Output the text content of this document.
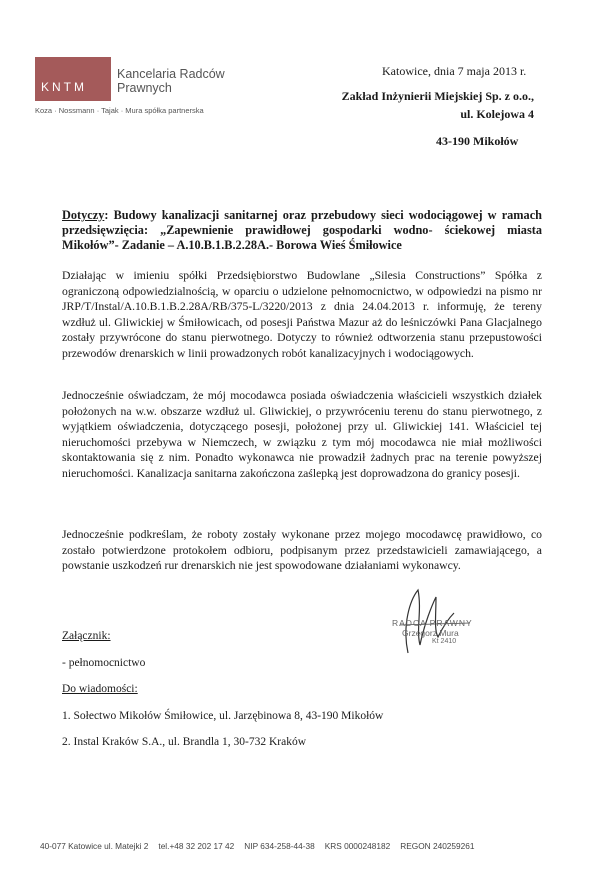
KNTM
Kancelaria Radców Prawnych
Koza · Nossmann · Tajak · Mura spółka partnerska
Katowice, dnia 7 maja 2013 r.
Zakład Inżynierii Miejskiej Sp. z o.o.,
ul. Kolejowa 4
43-190 Mikołów
Dotyczy: Budowy kanalizacji sanitarnej oraz przebudowy sieci wodociągowej w ramach przedsięwzięcia: „Zapewnienie prawidłowej gospodarki wodno- ściekowej miasta Mikołów”- Zadanie – A.10.B.1.B.2.28A.- Borowa Wieś Śmiłowice
Działając w imieniu spółki Przedsiębiorstwo Budowlane „Silesia Constructions” Spółka z ograniczoną odpowiedzialnością, w oparciu o udzielone pełnomocnictwo, w odpowiedzi na pismo nr JRP/T/Instal/A.10.B.1.B.2.28A/RB/375-L/3220/2013 z dnia 24.04.2013 r. informuję, że tereny wzdłuż ul. Gliwickiej w Śmiłowicach, od posesji Państwa Mazur aż do leśniczówki Pana Glacjalnego zostały przywrócone do stanu pierwotnego. Dotyczy to również odtworzenia stanu przepustowości przewodów drenarskich w linii prowadzonych robót kanalizacyjnych i wodociągowych.
Jednocześnie oświadczam, że mój mocodawca posiada oświadczenia właścicieli wszystkich działek położonych na w.w. obszarze wzdłuż ul. Gliwickiej, o przywróceniu terenu do stanu pierwotnego, z wyjątkiem oświadczenia, dotyczącego posesji, położonej przy ul. Gliwickiej 141. Właściciel tej nieruchomości przebywa w Niemczech, w związku z tym mój mocodawca nie miał możliwości skontaktowania się z nim. Ponadto wykonawca nie prowadził żadnych prac na terenie powyższej nieruchomości. Kanalizacja sanitarna zakończona zaślepką jest doprowadzona do granicy posesji.
Jednocześnie podkreślam, że roboty zostały wykonane przez mojego mocodawcę prawidłowo, co zostało potwierdzone protokołem odbioru, podpisanym przez przedstawicieli zamawiającego, a powstanie uszkodzeń rur drenarskich nie jest spowodowane działaniami wykonawcy.
RADCA PRAWNY
Grzegorz Mura
Kt 2410
Załącznik:
- pełnomocnictwo
Do wiadomości:
1. Sołectwo Mikołów Śmiłowice, ul. Jarzębinowa 8, 43-190 Mikołów
2. Instal Kraków S.A., ul. Brandla 1, 30-732 Kraków
40-077 Katowice ul. Matejki 2 tel.+48 32 202 17 42 NIP 634-258-44-38 KRS 0000248182 REGON 240259261
